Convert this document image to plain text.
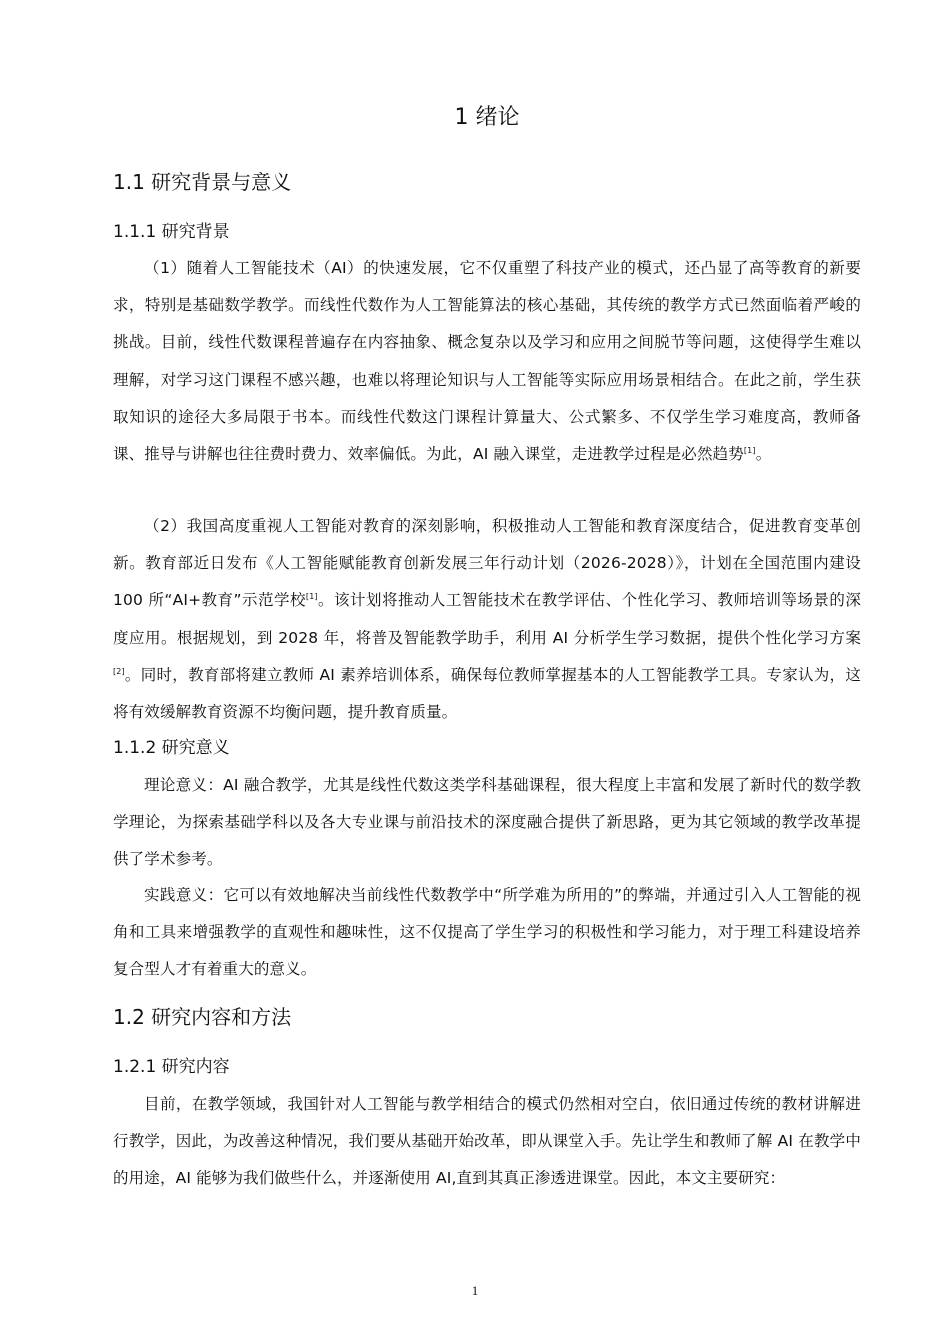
1 绪论
1.1 研究背景与意义
1.1.1 研究背景

（1）随着人工智能技术（AI）的快速发展，它不仅重塑了科技产业的模式，还凸显了高等教育的新要求，特别是基础数学教学。而线性代数作为人工智能算法的核心基础，其传统的教学方式已然面临着严峻的挑战。目前，线性代数课程普遍存在内容抽象、概念复杂以及学习和应用之间脱节等问题，这使得学生难以理解，对学习这门课程不感兴趣，也难以将理论知识与人工智能等实际应用场景相结合。在此之前，学生获取知识的途径大多局限于书本。而线性代数这门课程计算量大、公式繁多、不仅学生学习难度高，教师备课、推导与讲解也往往费时费力、效率偏低。为此，AI 融入课堂，走进教学过程是必然趋势[1]。

（2）我国高度重视人工智能对教育的深刻影响，积极推动人工智能和教育深度结合，促进教育变革创新。教育部近日发布《人工智能赋能教育创新发展三年行动计划（2026-2028）》，计划在全国范围内建设 100 所“AI+教育”示范学校[1]。该计划将推动人工智能技术在教学评估、个性化学习、教师培训等场景的深度应用。根据规划，到 2028 年，将普及智能教学助手，利用 AI 分析学生学习数据，提供个性化学习方案[2]。同时，教育部将建立教师 AI 素养培训体系，确保每位教师掌握基本的人工智能教学工具。专家认为，这将有效缓解教育资源不均衡问题，提升教育质量。

1.1.2 研究意义

理论意义：AI 融合教学，尤其是线性代数这类学科基础课程，很大程度上丰富和发展了新时代的数学教学理论，为探索基础学科以及各大专业课与前沿技术的深度融合提供了新思路，更为其它领域的教学改革提供了学术参考。

实践意义：它可以有效地解决当前线性代数教学中“所学难为所用的”的弊端，并通过引入人工智能的视角和工具来增强教学的直观性和趣味性，这不仅提高了学生学习的积极性和学习能力，对于理工科建设培养复合型人才有着重大的意义。

1.2 研究内容和方法
1.2.1 研究内容

目前，在教学领域，我国针对人工智能与教学相结合的模式仍然相对空白，依旧通过传统的教材讲解进行教学，因此，为改善这种情况，我们要从基础开始改革，即从课堂入手。先让学生和教师了解 AI 在教学中的用途，AI 能够为我们做些什么，并逐渐使用 AI,直到其真正渗透进课堂。因此，本文主要研究：

1
